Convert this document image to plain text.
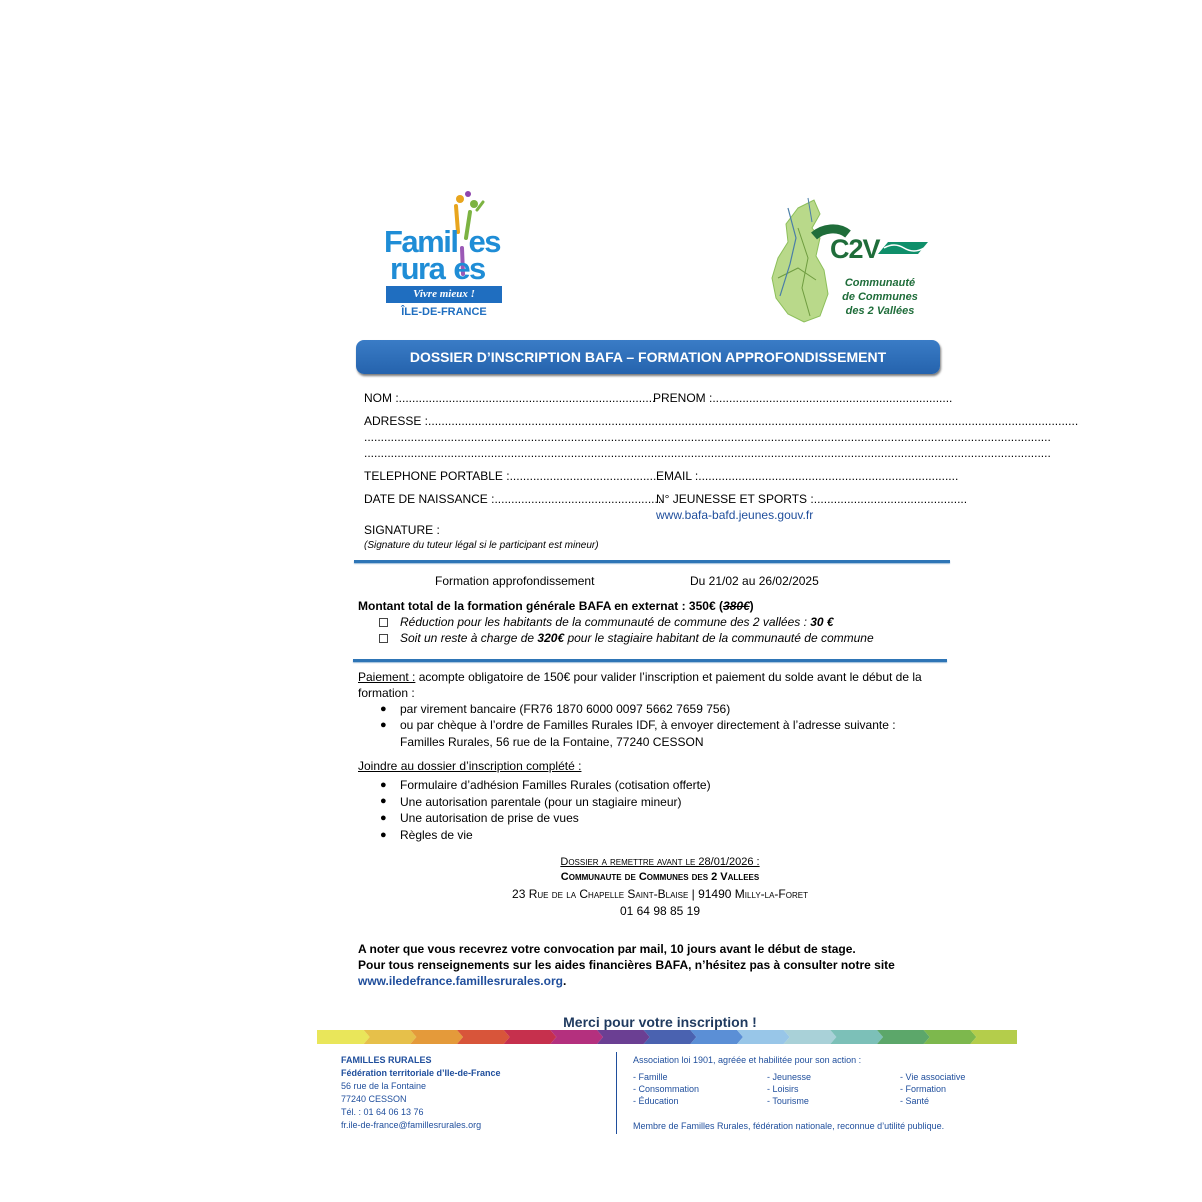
Famil es
rura es
Vivre mieux !
ÎLE-DE-FRANCE
C2V
Communauté
de Communes
des 2 Vallées
DOSSIER D’INSCRIPTION BAFA – FORMATION APPROFONDISSEMENT
NOM :.............................................................................
PRENOM :........................................................................
ADRESSE :...................................................................................................................................................................................................
..............................................................................................................................................................................................................
..............................................................................................................................................................................................................
TELEPHONE PORTABLE :.............................................
EMAIL :..............................................................................
DATE DE NAISSANCE :..................................................
N° JEUNESSE ET SPORTS :..............................................
www.bafa-bafd.jeunes.gouv.fr
SIGNATURE :
(Signature du tuteur légal si le participant est mineur)
Formation approfondissement	Du 21/02 au 26/02/2025
Montant total de la formation générale BAFA en externat : 350€ (380€)
Réduction pour les habitants de la communauté de commune des 2 vallées : 30 €
Soit un reste à charge de 320€ pour le stagiaire habitant de la communauté de commune
Paiement : acompte obligatoire de 150€ pour valider l’inscription et paiement du solde avant le début de la
formation :
● par virement bancaire (FR76 1870 6000 0097 5662 7659 756)
● ou par chèque à l’ordre de Familles Rurales IDF, à envoyer directement à l’adresse suivante :
Familles Rurales, 56 rue de la Fontaine, 77240 CESSON
Joindre au dossier d’inscription complété :
● Formulaire d’adhésion Familles Rurales (cotisation offerte)
● Une autorisation parentale (pour un stagiaire mineur)
● Une autorisation de prise de vues
● Règles de vie
Dossier a remettre avant le 28/01/2026 :
Communaute de Communes des 2 Vallees
23 Rue de la Chapelle Saint-Blaise | 91490 Milly-la-Foret
01 64 98 85 19
A noter que vous recevrez votre convocation par mail, 10 jours avant le début de stage.
Pour tous renseignements sur les aides financières BAFA, n’hésitez pas à consulter notre site
www.iledefrance.famillesrurales.org.
Merci pour votre inscription !
FAMILLES RURALES
Fédération territoriale d’Ile-de-France
56 rue de la Fontaine
77240 CESSON
Tél. : 01 64 06 13 76
fr.ile-de-france@famillesrurales.org
Association loi 1901, agréée et habilitée pour son action :
- Famille
- Consommation
- Éducation
- Jeunesse
- Loisirs
- Tourisme
- Vie associative
- Formation
- Santé
Membre de Familles Rurales, fédération nationale, reconnue d’utilité publique.
